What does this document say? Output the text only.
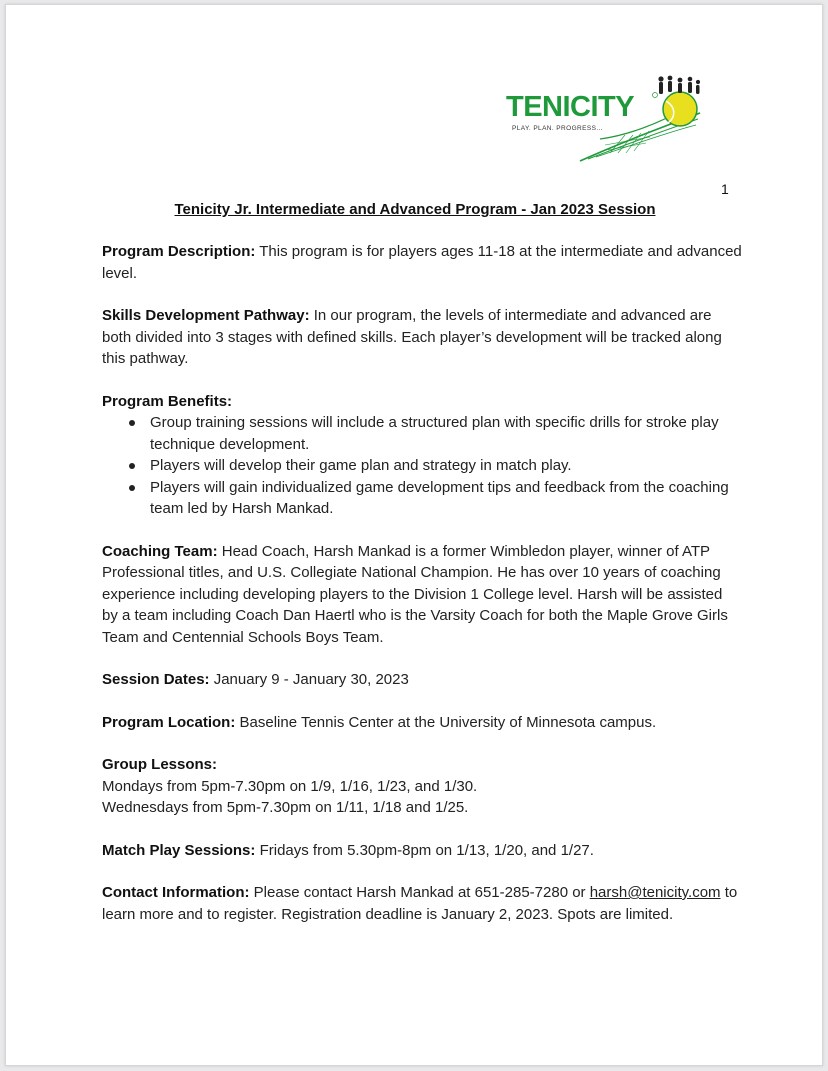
TENICITY
PLAY. PLAN. PROGRESS...
1
Tenicity Jr. Intermediate and Advanced Program - Jan 2023 Session

Program Description: This program is for players ages 11-18 at the intermediate and advanced level.

Skills Development Pathway: In our program, the levels of intermediate and advanced are both divided into 3 stages with defined skills. Each player’s development will be tracked along this pathway.

Program Benefits:
Group training sessions will include a structured plan with specific drills for stroke play technique development.
Players will develop their game plan and strategy in match play.
Players will gain individualized game development tips and feedback from the coaching team led by Harsh Mankad.

Coaching Team: Head Coach, Harsh Mankad is a former Wimbledon player, winner of ATP Professional titles, and U.S. Collegiate National Champion. He has over 10 years of coaching experience including developing players to the Division 1 College level. Harsh will be assisted by a team including Coach Dan Haertl who is the Varsity Coach for both the Maple Grove Girls Team and Centennial Schools Boys Team.

Session Dates: January 9 - January 30, 2023

Program Location: Baseline Tennis Center at the University of Minnesota campus.

Group Lessons:
Mondays from 5pm-7.30pm on 1/9, 1/16, 1/23, and 1/30.
Wednesdays from 5pm-7.30pm on 1/11, 1/18 and 1/25.

Match Play Sessions: Fridays from 5.30pm-8pm on 1/13, 1/20, and 1/27.

Contact Information: Please contact Harsh Mankad at 651-285-7280 or harsh@tenicity.com to learn more and to register. Registration deadline is January 2, 2023. Spots are limited.
